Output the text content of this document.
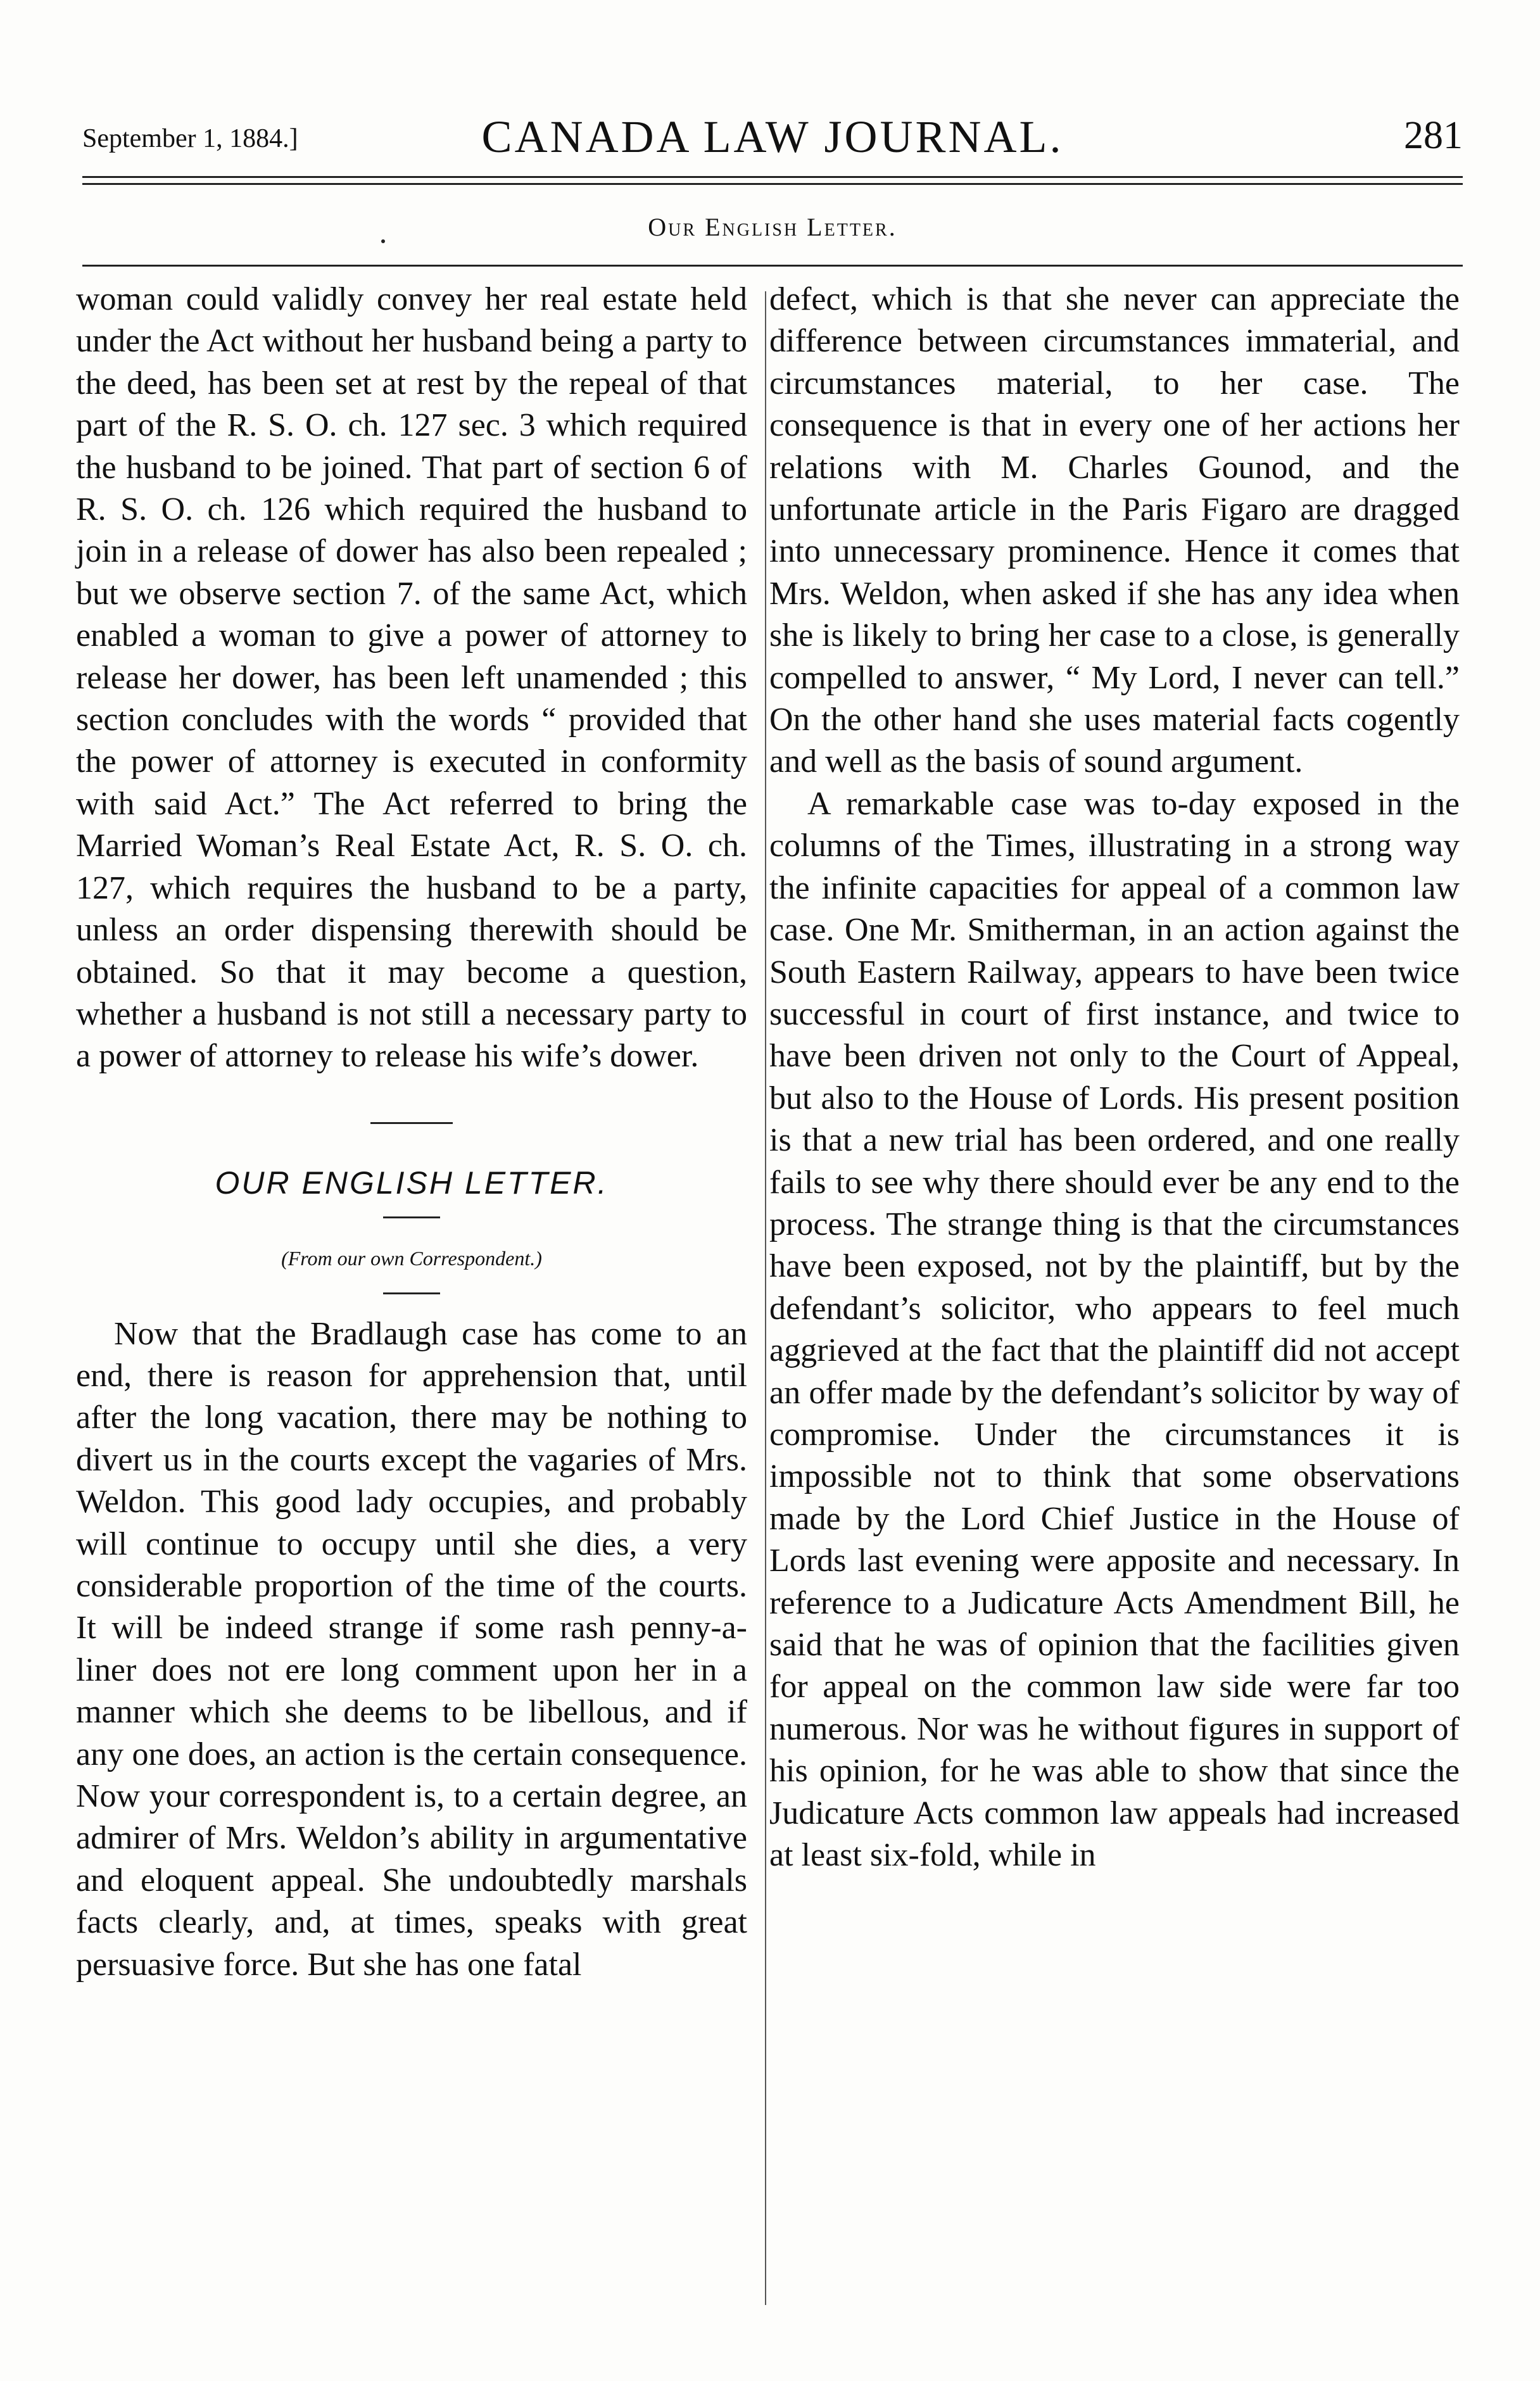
September 1, 1884.]	CANADA LAW JOURNAL.	281
Our English Letter.

woman could validly convey her real estate held under the Act without her husband being a party to the deed, has been set at rest by the repeal of that part of the R. S. O. ch. 127 sec. 3 which required the husband to be joined. That part of section 6 of R. S. O. ch. 126 which required the husband to join in a release of dower has also been repealed ; but we observe section 7. of the same Act, which enabled a woman to give a power of attorney to release her dower, has been left unamended ; this section concludes with the words “ provided that the power of attorney is executed in conformity with said Act.” The Act referred to bring the Married Woman’s Real Estate Act, R. S. O. ch. 127, which requires the husband to be a party, unless an order dispensing therewith should be obtained. So that it may become a question, whether a husband is not still a necessary party to a power of attorney to release his wife’s dower.

OUR ENGLISH LETTER.

(From our own Correspondent.)

Now that the Bradlaugh case has come to an end, there is reason for apprehension that, until after the long vacation, there may be nothing to divert us in the courts except the vagaries of Mrs. Weldon. This good lady occupies, and probably will continue to occupy until she dies, a very considerable proportion of the time of the courts. It will be indeed strange if some rash penny-a-liner does not ere long comment upon her in a manner which she deems to be libellous, and if any one does, an action is the certain consequence. Now your correspondent is, to a certain degree, an admirer of Mrs. Weldon’s ability in argumentative and eloquent appeal. She undoubtedly marshals facts clearly, and, at times, speaks with great persuasive force. But she has one fatal

defect, which is that she never can appreciate the difference between circumstances immaterial, and circumstances material, to her case. The consequence is that in every one of her actions her relations with M. Charles Gounod, and the unfortunate article in the Paris Figaro are dragged into unnecessary prominence. Hence it comes that Mrs. Weldon, when asked if she has any idea when she is likely to bring her case to a close, is generally compelled to answer, “ My Lord, I never can tell.” On the other hand she uses material facts cogently and well as the basis of sound argument.

A remarkable case was to-day exposed in the columns of the Times, illustrating in a strong way the infinite capacities for appeal of a common law case. One Mr. Smitherman, in an action against the South Eastern Railway, appears to have been twice successful in court of first instance, and twice to have been driven not only to the Court of Appeal, but also to the House of Lords. His present position is that a new trial has been ordered, and one really fails to see why there should ever be any end to the process. The strange thing is that the circumstances have been exposed, not by the plaintiff, but by the defendant’s solicitor, who appears to feel much aggrieved at the fact that the plaintiff did not accept an offer made by the defendant’s solicitor by way of compromise. Under the circumstances it is impossible not to think that some observations made by the Lord Chief Justice in the House of Lords last evening were apposite and necessary. In reference to a Judicature Acts Amendment Bill, he said that he was of opinion that the facilities given for appeal on the common law side were far too numerous. Nor was he without figures in support of his opinion, for he was able to show that since the Judicature Acts common law appeals had increased at least six-fold, while in
